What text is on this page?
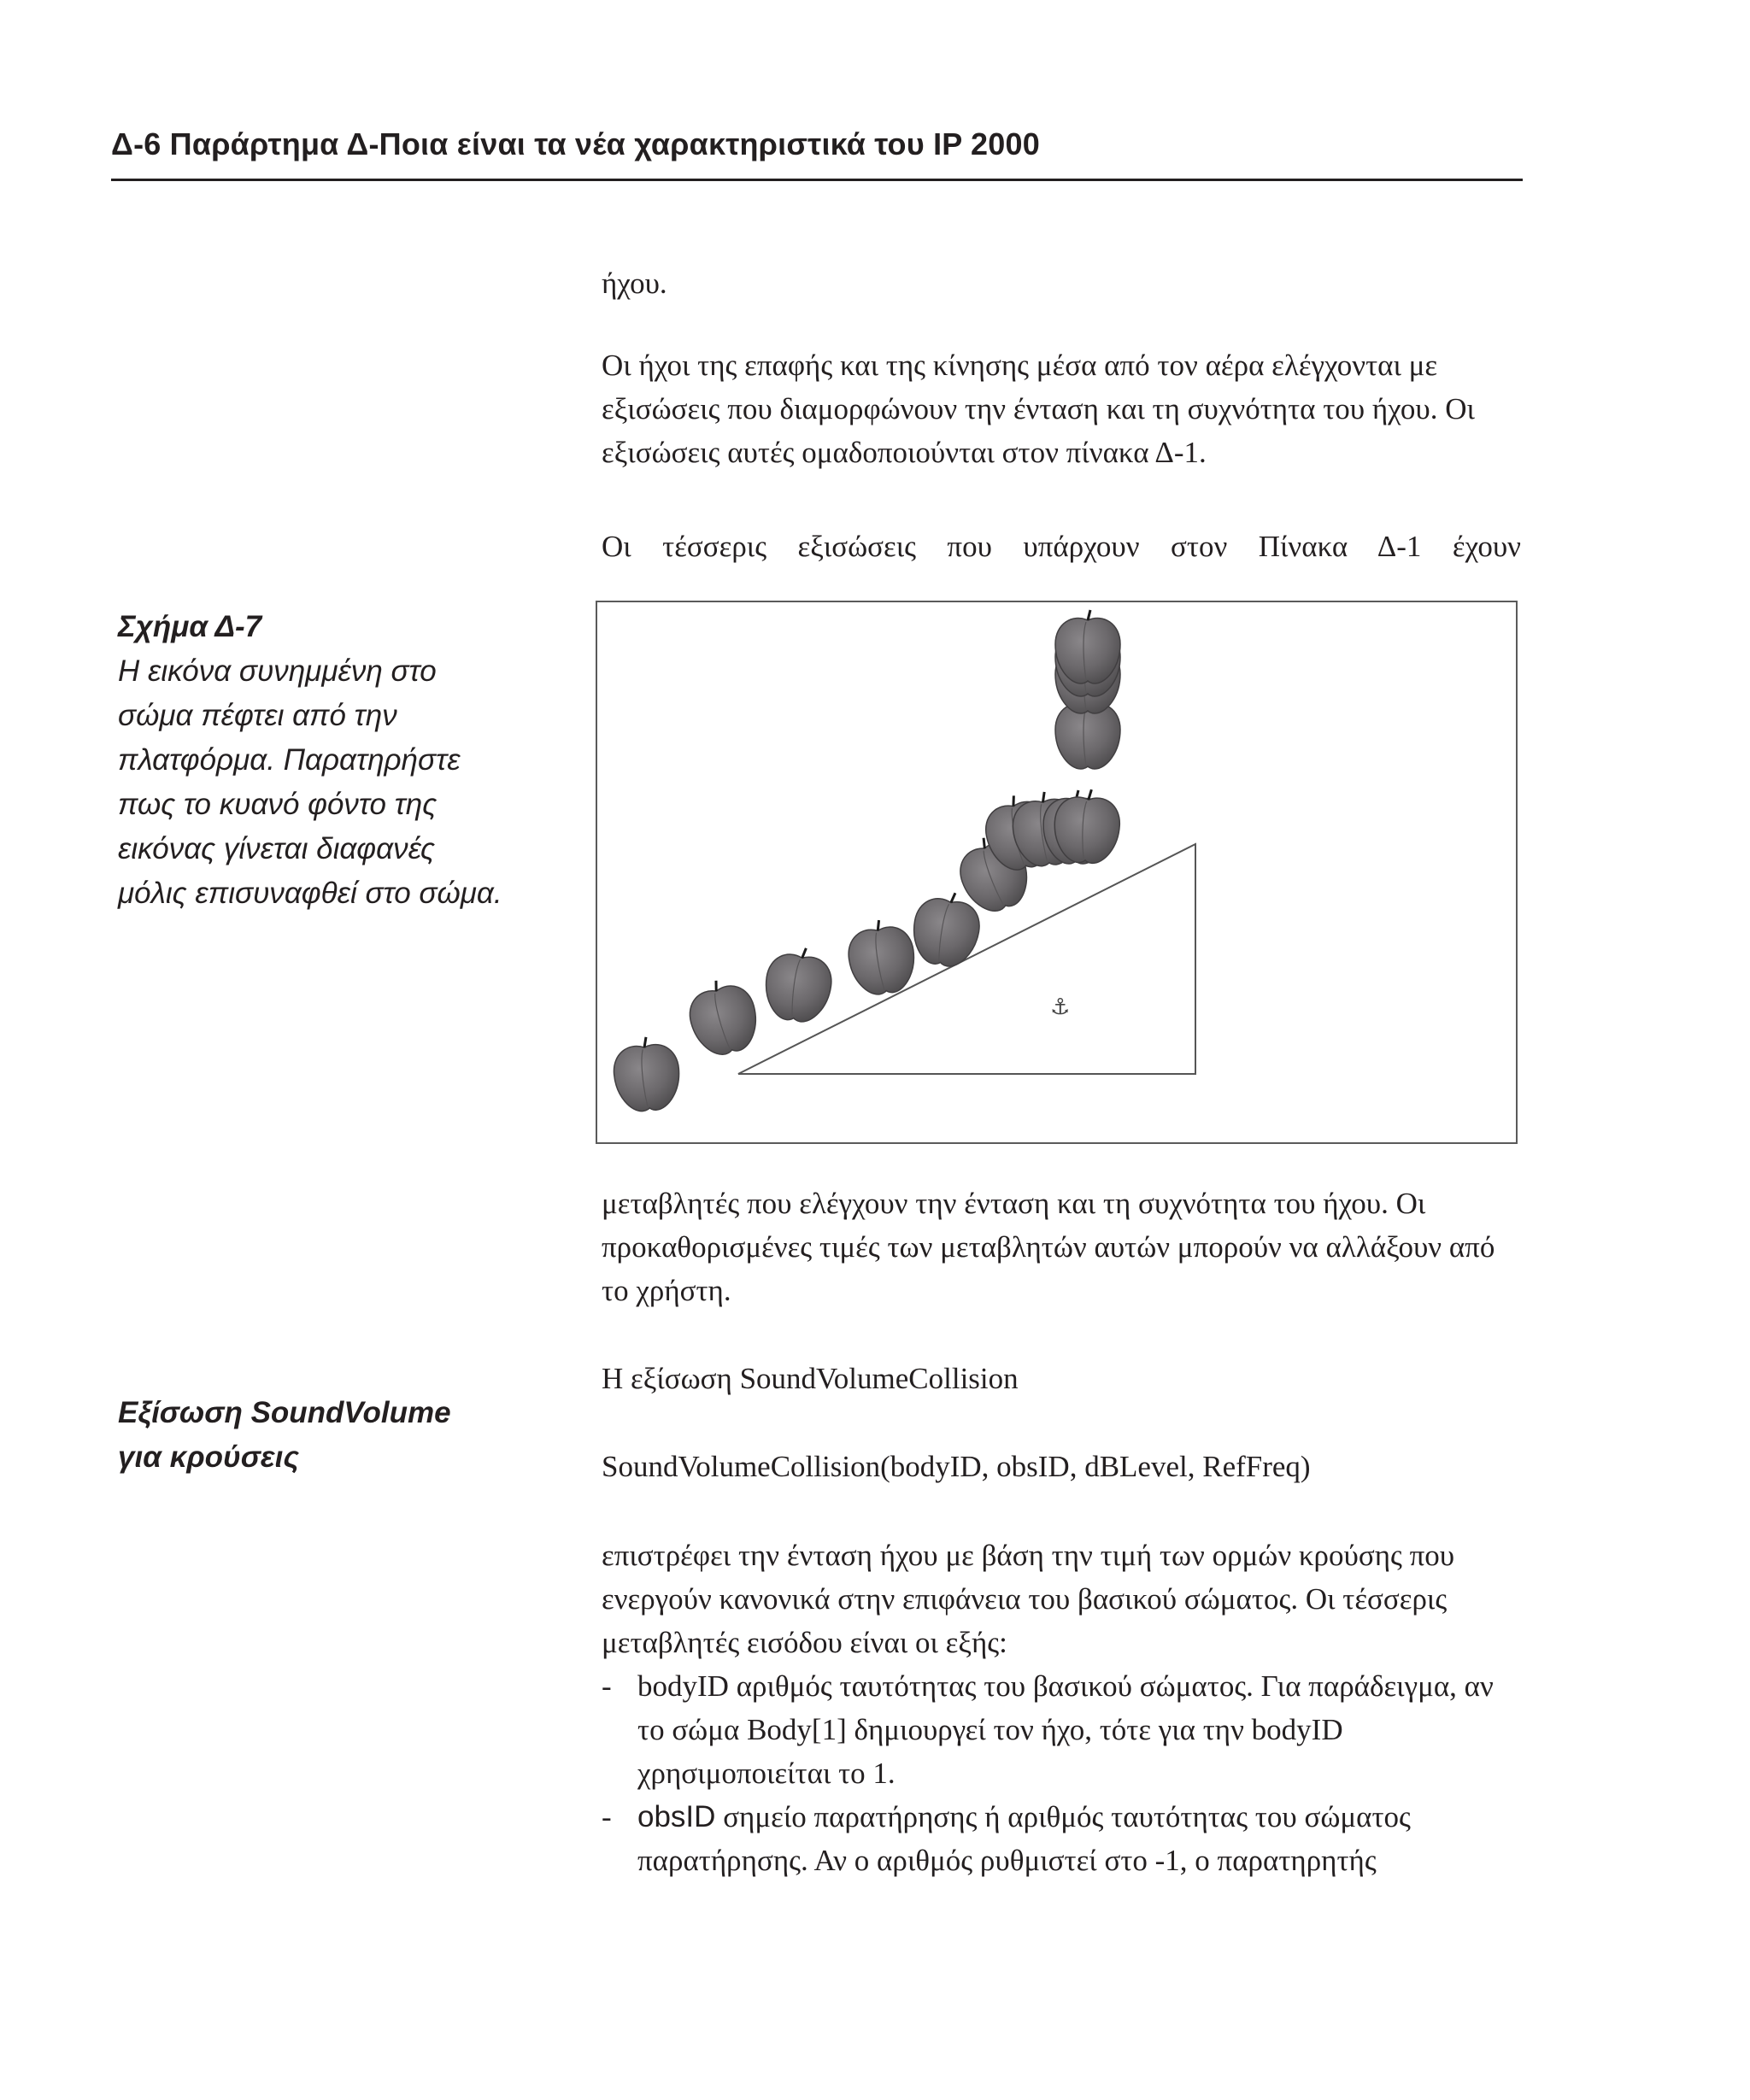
Δ-6 Παράρτημα Δ-Ποια είναι τα νέα χαρακτηριστικά του IP 2000

ήχου.

Οι ήχοι της επαφής και της κίνησης μέσα από τον αέρα ελέγχονται με εξισώσεις που διαμορφώνουν την ένταση και τη συχνότητα του ήχου. Οι εξισώσεις αυτές ομαδοποιούνται στον πίνακα Δ-1.

Οι τέσσερις εξισώσεις που υπάρχουν στον Πίνακα Δ-1 έχουν

Σχήμα Δ-7
Η εικόνα συνημμένη στο σώμα πέφτει από την πλατφόρμα. Παρατηρήστε πως το κυανό φόντο της εικόνας γίνεται διαφανές μόλις επισυναφθεί στο σώμα.
⚓

μεταβλητές που ελέγχουν την ένταση και τη συχνότητα του ήχου. Οι προκαθορισμένες τιμές των μεταβλητών αυτών μπορούν να αλλάξουν από το χρήστη.

Η εξίσωση SoundVolumeCollision

Εξίσωση SoundVolume για κρούσεις	SoundVolumeCollision(bodyID, obsID, dBLevel, RefFreq)

επιστρέφει την ένταση ήχου με βάση την τιμή των ορμών κρούσης που ενεργούν κανονικά στην επιφάνεια του βασικού σώματος. Οι τέσσερις μεταβλητές εισόδου είναι οι εξής:

- bodyID αριθμός ταυτότητας του βασικού σώματος. Για παράδειγμα, αν το σώμα Body[1] δημιουργεί τον ήχο, τότε για την bodyID χρησιμοποιείται το 1.
- obsID σημείο παρατήρησης ή αριθμός ταυτότητας του σώματος παρατήρησης. Αν ο αριθμός ρυθμιστεί στο -1, ο παρατηρητής
